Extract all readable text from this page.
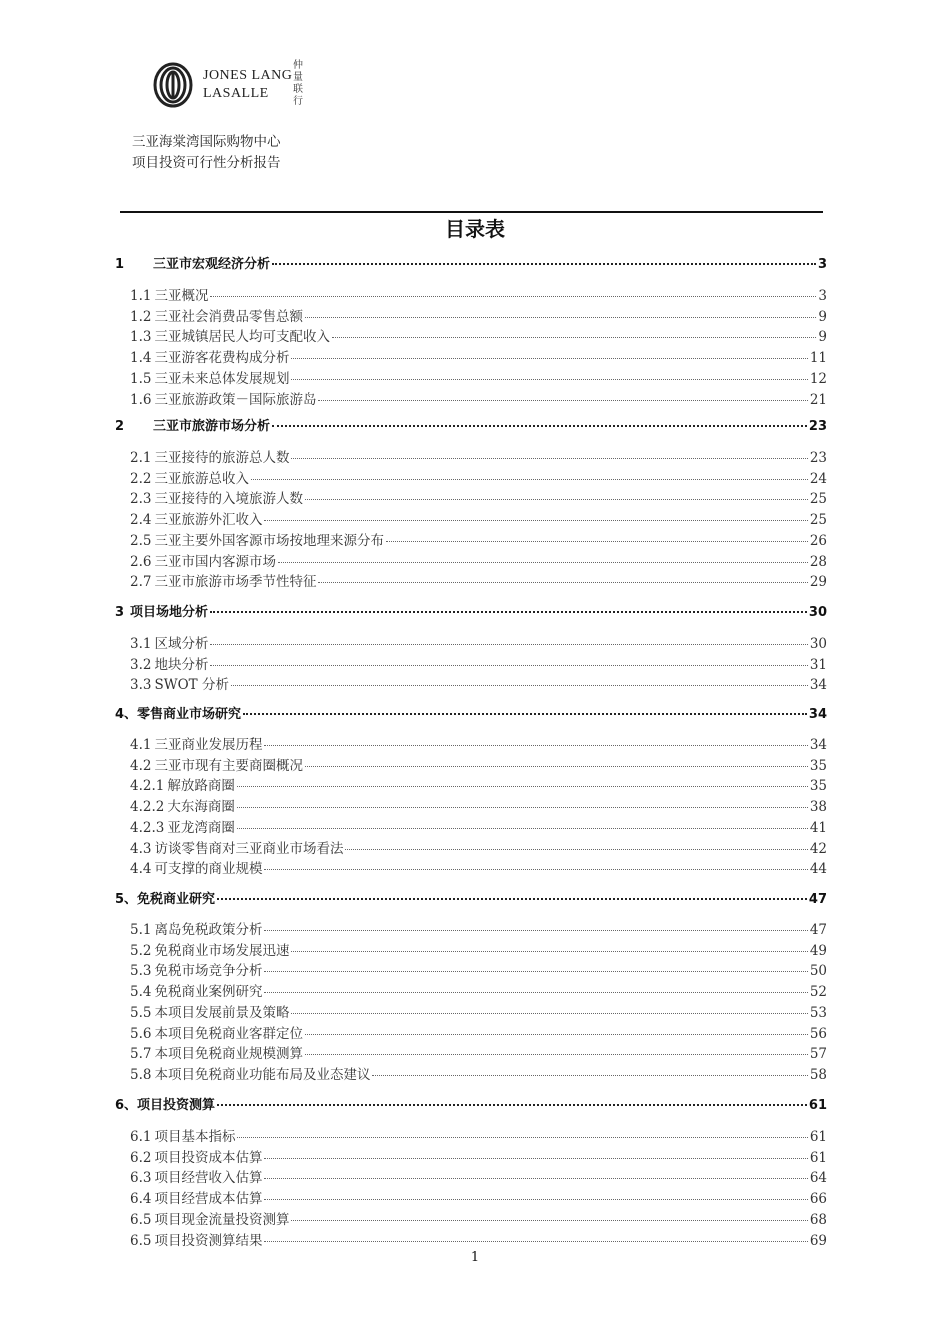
JONES LANG
LASALLE
仲量联行
三亚海棠湾国际购物中心
项目投资可行性分析报告
目录表
1	三亚市宏观经济分析	3
1.1 三亚概况	3
1.2 三亚社会消费品零售总额	9
1.3 三亚城镇居民人均可支配收入	9
1.4 三亚游客花费构成分析	11
1.5 三亚未来总体发展规划	12
1.6 三亚旅游政策－国际旅游岛	21
2	三亚市旅游市场分析	23
2.1 三亚接待的旅游总人数	23
2.2 三亚旅游总收入	24
2.3 三亚接待的入境旅游人数	25
2.4 三亚旅游外汇收入	25
2.5 三亚主要外国客源市场按地理来源分布	26
2.6 三亚市国内客源市场	28
2.7 三亚市旅游市场季节性特征	29
3 项目场地分析	30
3.1 区域分析	30
3.2 地块分析	31
3.3 SWOT 分析	34
4、 零售商业市场研究	34
4.1 三亚商业发展历程	34
4.2 三亚市现有主要商圈概况	35
4.2.1 解放路商圈	35
4.2.2 大东海商圈	38
4.2.3 亚龙湾商圈	41
4.3 访谈零售商对三亚商业市场看法	42
4.4 可支撑的商业规模	44
5、 免税商业研究	47
5.1 离岛免税政策分析	47
5.2 免税商业市场发展迅速	49
5.3 免税市场竞争分析	50
5.4 免税商业案例研究	52
5.5 本项目发展前景及策略	53
5.6 本项目免税商业客群定位	56
5.7 本项目免税商业规模测算	57
5.8 本项目免税商业功能布局及业态建议	58
6、 项目投资测算	61
6.1 项目基本指标	61
6.2 项目投资成本估算	61
6.3 项目经营收入估算	64
6.4 项目经营成本估算	66
6.5 项目现金流量投资测算	68
6.5 项目投资测算结果	69
1
